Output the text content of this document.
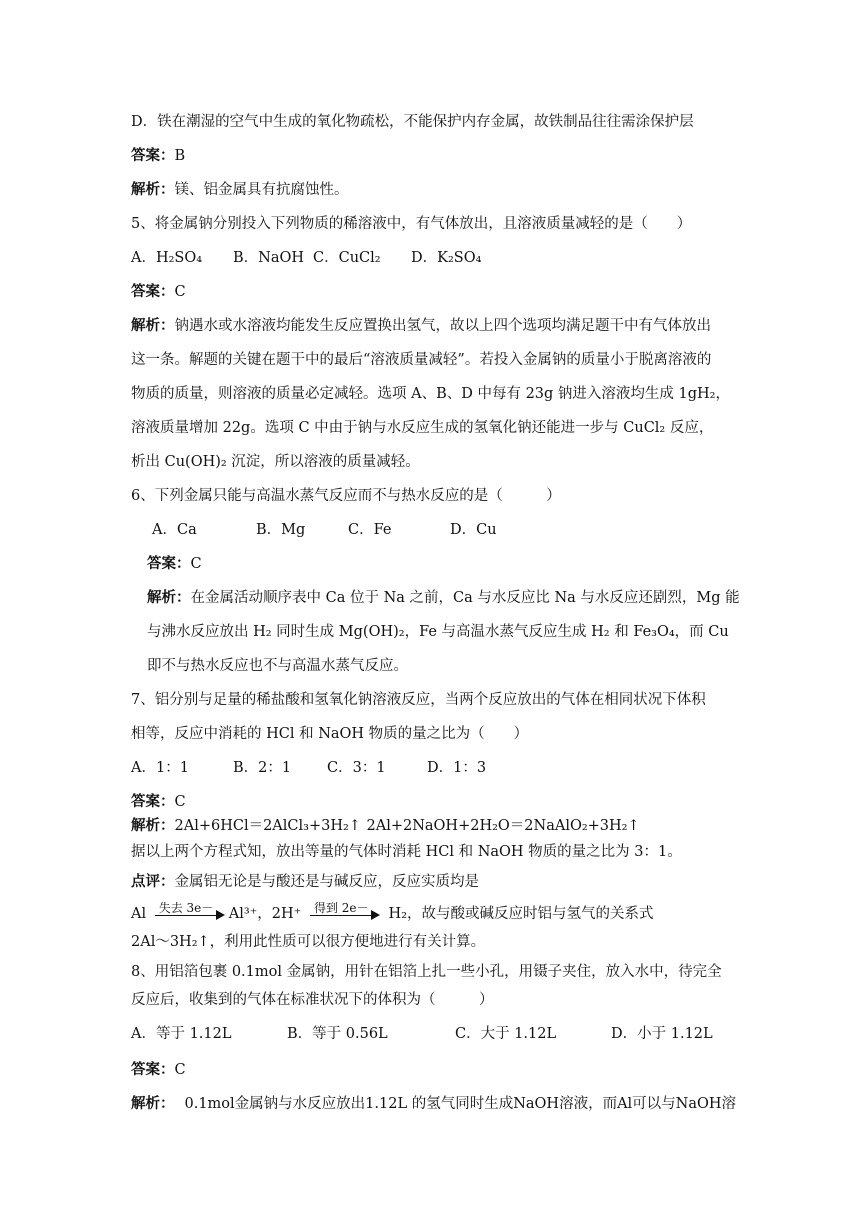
D．铁在潮湿的空气中生成的氧化物疏松，不能保护内存金属，故铁制品往往需涂保护层
答案：B
解析：镁、铝金属具有抗腐蚀性。
5、将金属钠分别投入下列物质的稀溶液中，有气体放出，且溶液质量减轻的是（　　）
A．H₂SO₄ B．NaOH C．CuCl₂ D．K₂SO₄
答案：C
解析：钠遇水或水溶液均能发生反应置换出氢气，故以上四个选项均满足题干中有气体放出
这一条。解题的关键在题干中的最后“溶液质量减轻”。若投入金属钠的质量小于脱离溶液的
物质的质量，则溶液的质量必定减轻。选项 A、B、D 中每有 23g 钠进入溶液均生成 1gH₂，
溶液质量增加 22g。选项 C 中由于钠与水反应生成的氢氧化钠还能进一步与 CuCl₂ 反应，
析出 Cu(OH)₂ 沉淀，所以溶液的质量减轻。
6、下列金属只能与高温水蒸气反应而不与热水反应的是（　　　）
A．Ca	B．Mg	C．Fe	D．Cu
答案：C
解析：在金属活动顺序表中 Ca 位于 Na 之前，Ca 与水反应比 Na 与水反应还剧烈，Mg 能
与沸水反应放出 H₂ 同时生成 Mg(OH)₂，Fe 与高温水蒸气反应生成 H₂ 和 Fe₃O₄，而 Cu
即不与热水反应也不与高温水蒸气反应。
7、铝分别与足量的稀盐酸和氢氧化钠溶液反应，当两个反应放出的气体在相同状况下体积
相等，反应中消耗的 HCl 和 NaOH 物质的量之比为（　　）
A．1：1	B．2：1 C．3：1	D．1：3
答案：C
解析：2Al+6HCl＝2AlCl₃+3H₂↑ 2Al+2NaOH+2H₂O＝2NaAlO₂+3H₂↑
据以上两个方程式知，放出等量的气体时消耗 HCl 和 NaOH 物质的量之比为 3：1。
点评：金属铝无论是与酸还是与碱反应，反应实质均是
Al 失去 3e－ Al³⁺，2H⁺ 得到 2e－ H₂，故与酸或碱反应时铝与氢气的关系式
2Al～3H₂↑，利用此性质可以很方便地进行有关计算。
8、用铝箔包裹 0.1mol 金属钠，用针在铝箔上扎一些小孔，用镊子夹住，放入水中，待完全
反应后，收集到的气体在标准状况下的体积为（　　　）
A．等于 1.12L	B．等于 0.56L	C．大于 1.12L	D．小于 1.12L
答案：C
解析： 0.1mol金属钠与水反应放出1.12L 的氢气同时生成NaOH溶液，而Al可以与NaOH溶
